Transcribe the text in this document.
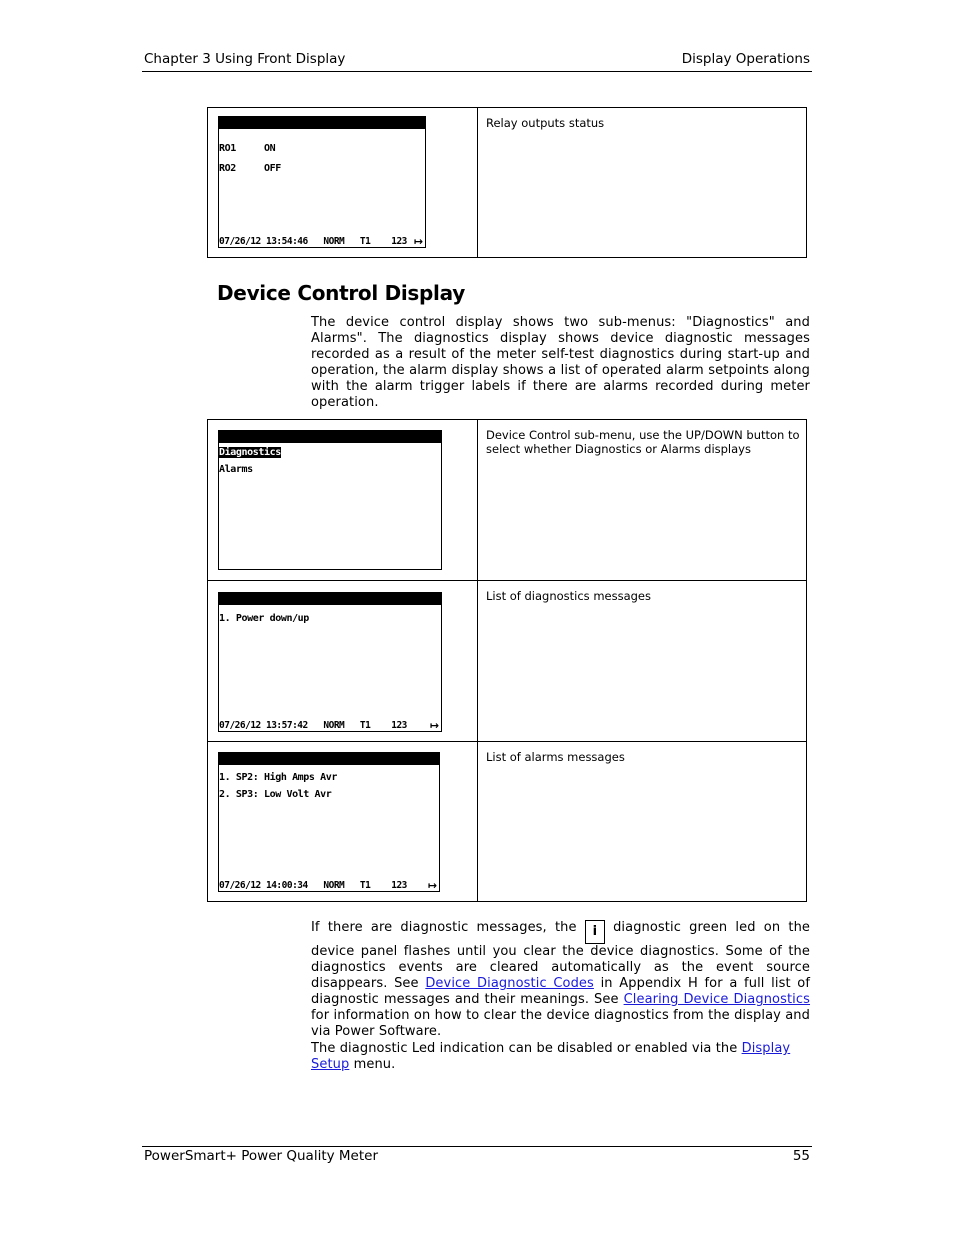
Chapter 3 Using Front Display	Display Operations

RO1     ON
RO2     OFF
07/26/12 13:54:46   NORM   T1    123 ↦
Relay outputs status
Device Control Display
The device control display shows two sub-menus: "Diagnostics" and Alarms". The diagnostics display shows device diagnostic messages recorded as a result of the meter self-test diagnostics during start-up and operation, the alarm display shows a list of operated alarm setpoints along with the alarm trigger labels if there are alarms recorded during meter operation.

Diagnostics
Alarms
Device Control sub-menu, use the UP/DOWN button to select whether Diagnostics or Alarms displays

1. Power down/up
07/26/12 13:57:42   NORM   T1    123	↦
List of diagnostics messages

1. SP2: High Amps Avr
2. SP3: Low Volt Avr
07/26/12 14:00:34   NORM   T1    123	↦
List of alarms messages
If there are diagnostic messages, the i diagnostic green led on the device panel flashes until you clear the device diagnostics. Some of the diagnostics events are cleared automatically as the event source disappears. See Device Diagnostic Codes in Appendix H for a full list of diagnostic messages and their meanings. See Clearing Device Diagnostics for information on how to clear the device diagnostics from the display and via Power Software.
The diagnostic Led indication can be disabled or enabled via the Display Setup menu.
PowerSmart+ Power Quality Meter	55
